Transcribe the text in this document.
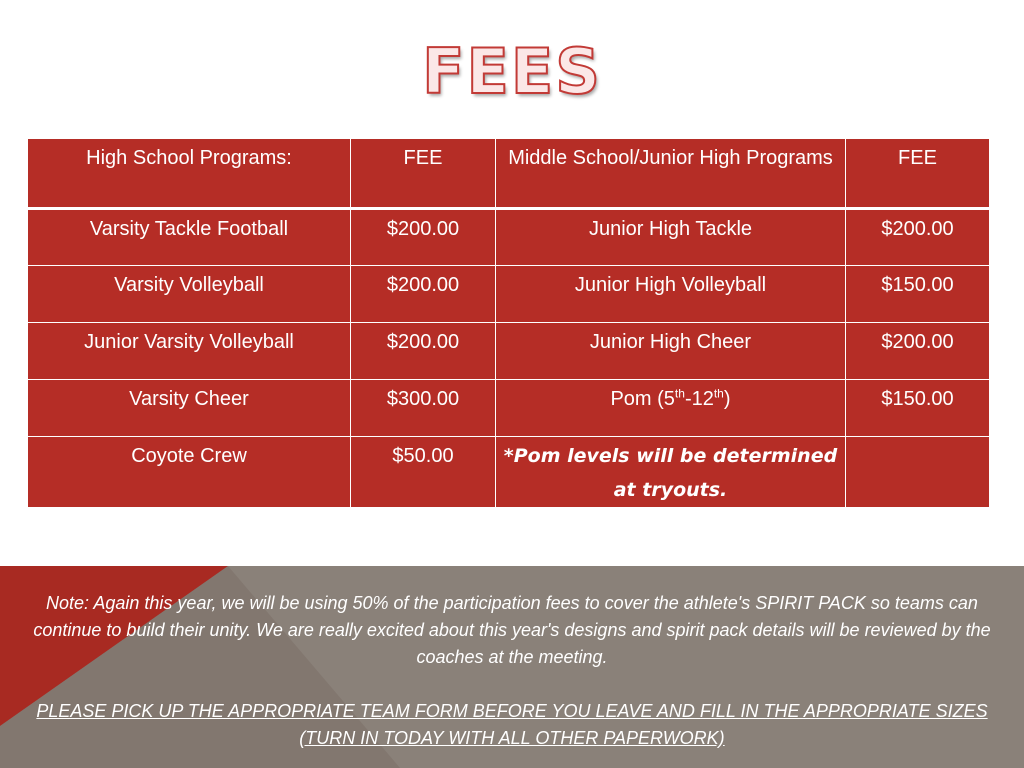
FEES
High School Programs:	FEE	Middle School/Junior High Programs	FEE
Varsity Tackle Football	$200.00	Junior High Tackle	$200.00
Varsity Volleyball	$200.00	Junior High Volleyball	$150.00
Junior Varsity Volleyball	$200.00	Junior High Cheer	$200.00
Varsity Cheer	$300.00	Pom (5th-12th)	$150.00
Coyote Crew	$50.00	*Pom levels will be determined at tryouts.	
Note: Again this year, we will be using 50% of the participation fees to cover the athlete's SPIRIT PACK so teams can continue to build their unity. We are really excited about this year's designs and spirit pack details will be reviewed by the coaches at the meeting.
PLEASE PICK UP THE APPROPRIATE TEAM FORM BEFORE YOU LEAVE AND FILL IN THE APPROPRIATE SIZES (TURN IN TODAY WITH ALL OTHER PAPERWORK)
